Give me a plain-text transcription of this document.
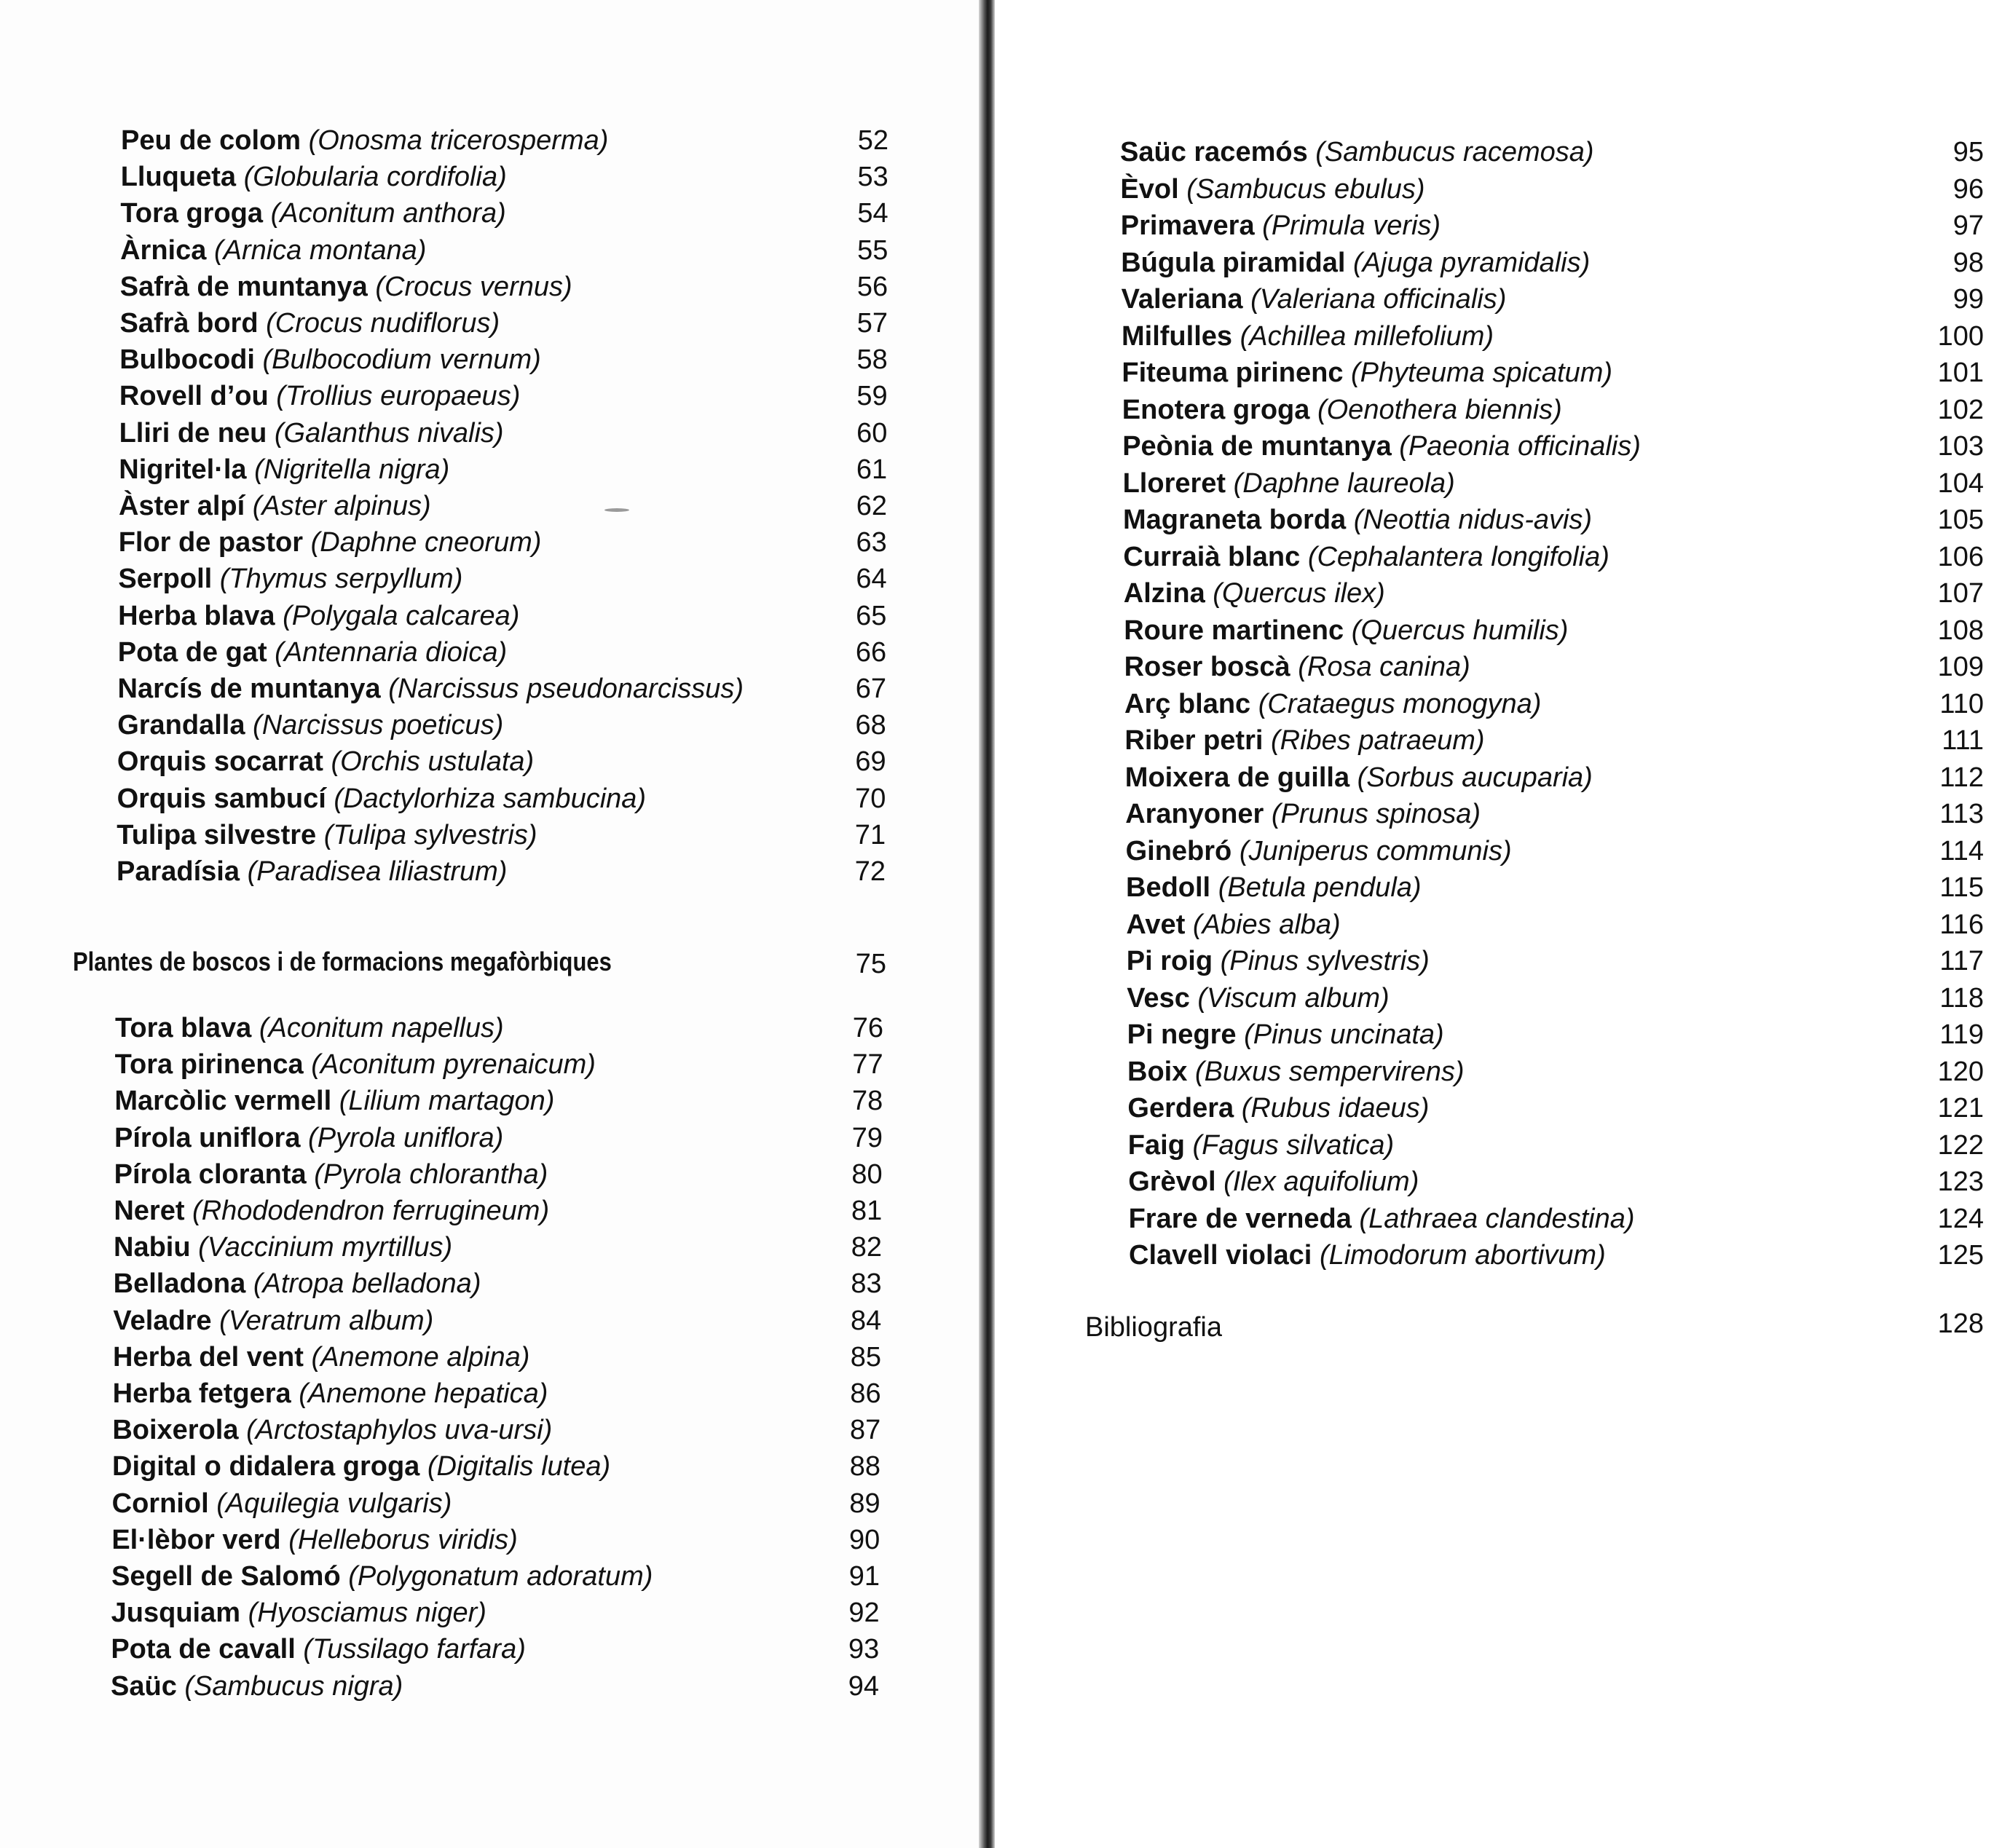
Plantes de boscos i de formacions megafòrbiques	75
Peu de colom (Onosma tricerosperma)	52
Lluqueta (Globularia cordifolia)	53
Tora groga (Aconitum anthora)	54
Àrnica (Arnica montana)	55
Safrà de muntanya (Crocus vernus)	56
Safrà bord (Crocus nudiflorus)	57
Bulbocodi (Bulbocodium vernum)	58
Rovell d’ou (Trollius europaeus)	59
Lliri de neu (Galanthus nivalis)	60
Nigritel·la (Nigritella nigra)	61
Àster alpí (Aster alpinus)	62
Flor de pastor (Daphne cneorum)	63
Serpoll (Thymus serpyllum)	64
Herba blava (Polygala calcarea)	65
Pota de gat (Antennaria dioica)	66
Narcís de muntanya (Narcissus pseudonarcissus)	67
Grandalla (Narcissus poeticus)	68
Orquis socarrat (Orchis ustulata)	69
Orquis sambucí (Dactylorhiza sambucina)	70
Tulipa silvestre (Tulipa sylvestris)	71
Paradísia (Paradisea liliastrum)	72
Tora blava (Aconitum napellus)	76
Tora pirinenca (Aconitum pyrenaicum)	77
Marcòlic vermell (Lilium martagon)	78
Pírola uniflora (Pyrola uniflora)	79
Pírola cloranta (Pyrola chlorantha)	80
Neret (Rhododendron ferrugineum)	81
Nabiu (Vaccinium myrtillus)	82
Belladona (Atropa belladona)	83
Veladre (Veratrum album)	84
Herba del vent (Anemone alpina)	85
Herba fetgera (Anemone hepatica)	86
Boixerola (Arctostaphylos uva-ursi)	87
Digital o didalera groga (Digitalis lutea)	88
Corniol (Aquilegia vulgaris)	89
El·lèbor verd (Helleborus viridis)	90
Segell de Salomó (Polygonatum adoratum)	91
Jusquiam (Hyosciamus niger)	92
Pota de cavall (Tussilago farfara)	93
Saüc (Sambucus nigra)	94
Bibliografia	128
Saüc racemós (Sambucus racemosa)	95
Èvol (Sambucus ebulus)	96
Primavera (Primula veris)	97
Búgula piramidal (Ajuga pyramidalis)	98
Valeriana (Valeriana officinalis)	99
Milfulles (Achillea millefolium)	100
Fiteuma pirinenc (Phyteuma spicatum)	101
Enotera groga (Oenothera biennis)	102
Peònia de muntanya (Paeonia officinalis)	103
Lloreret (Daphne laureola)	104
Magraneta borda (Neottia nidus-avis)	105
Curraià blanc (Cephalantera longifolia)	106
Alzina (Quercus ilex)	107
Roure martinenc (Quercus humilis)	108
Roser boscà (Rosa canina)	109
Arç blanc (Crataegus monogyna)	110
Riber petri (Ribes patraeum)	111
Moixera de guilla (Sorbus aucuparia)	112
Aranyoner (Prunus spinosa)	113
Ginebró (Juniperus communis)	114
Bedoll (Betula pendula)	115
Avet (Abies alba)	116
Pi roig (Pinus sylvestris)	117
Vesc (Viscum album)	118
Pi negre (Pinus uncinata)	119
Boix (Buxus sempervirens)	120
Gerdera (Rubus idaeus)	121
Faig (Fagus silvatica)	122
Grèvol (Ilex aquifolium)	123
Frare de verneda (Lathraea clandestina)	124
Clavell violaci (Limodorum abortivum)	125
